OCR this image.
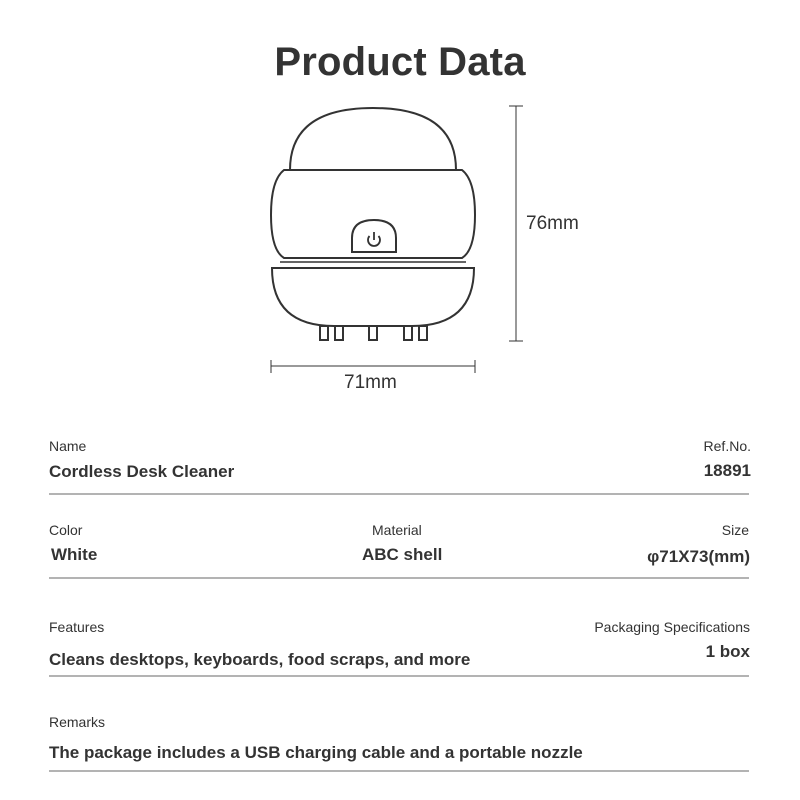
Product Data
76mm
71mm
Name	Ref.No.
Cordless Desk Cleaner	18891
Color	Material	Size
White	ABC shell	φ71X73(mm)
Features	Packaging Specifications
Cleans desktops, keyboards, food scraps, and more	1 box
Remarks
The package includes a USB charging cable and a portable nozzle
